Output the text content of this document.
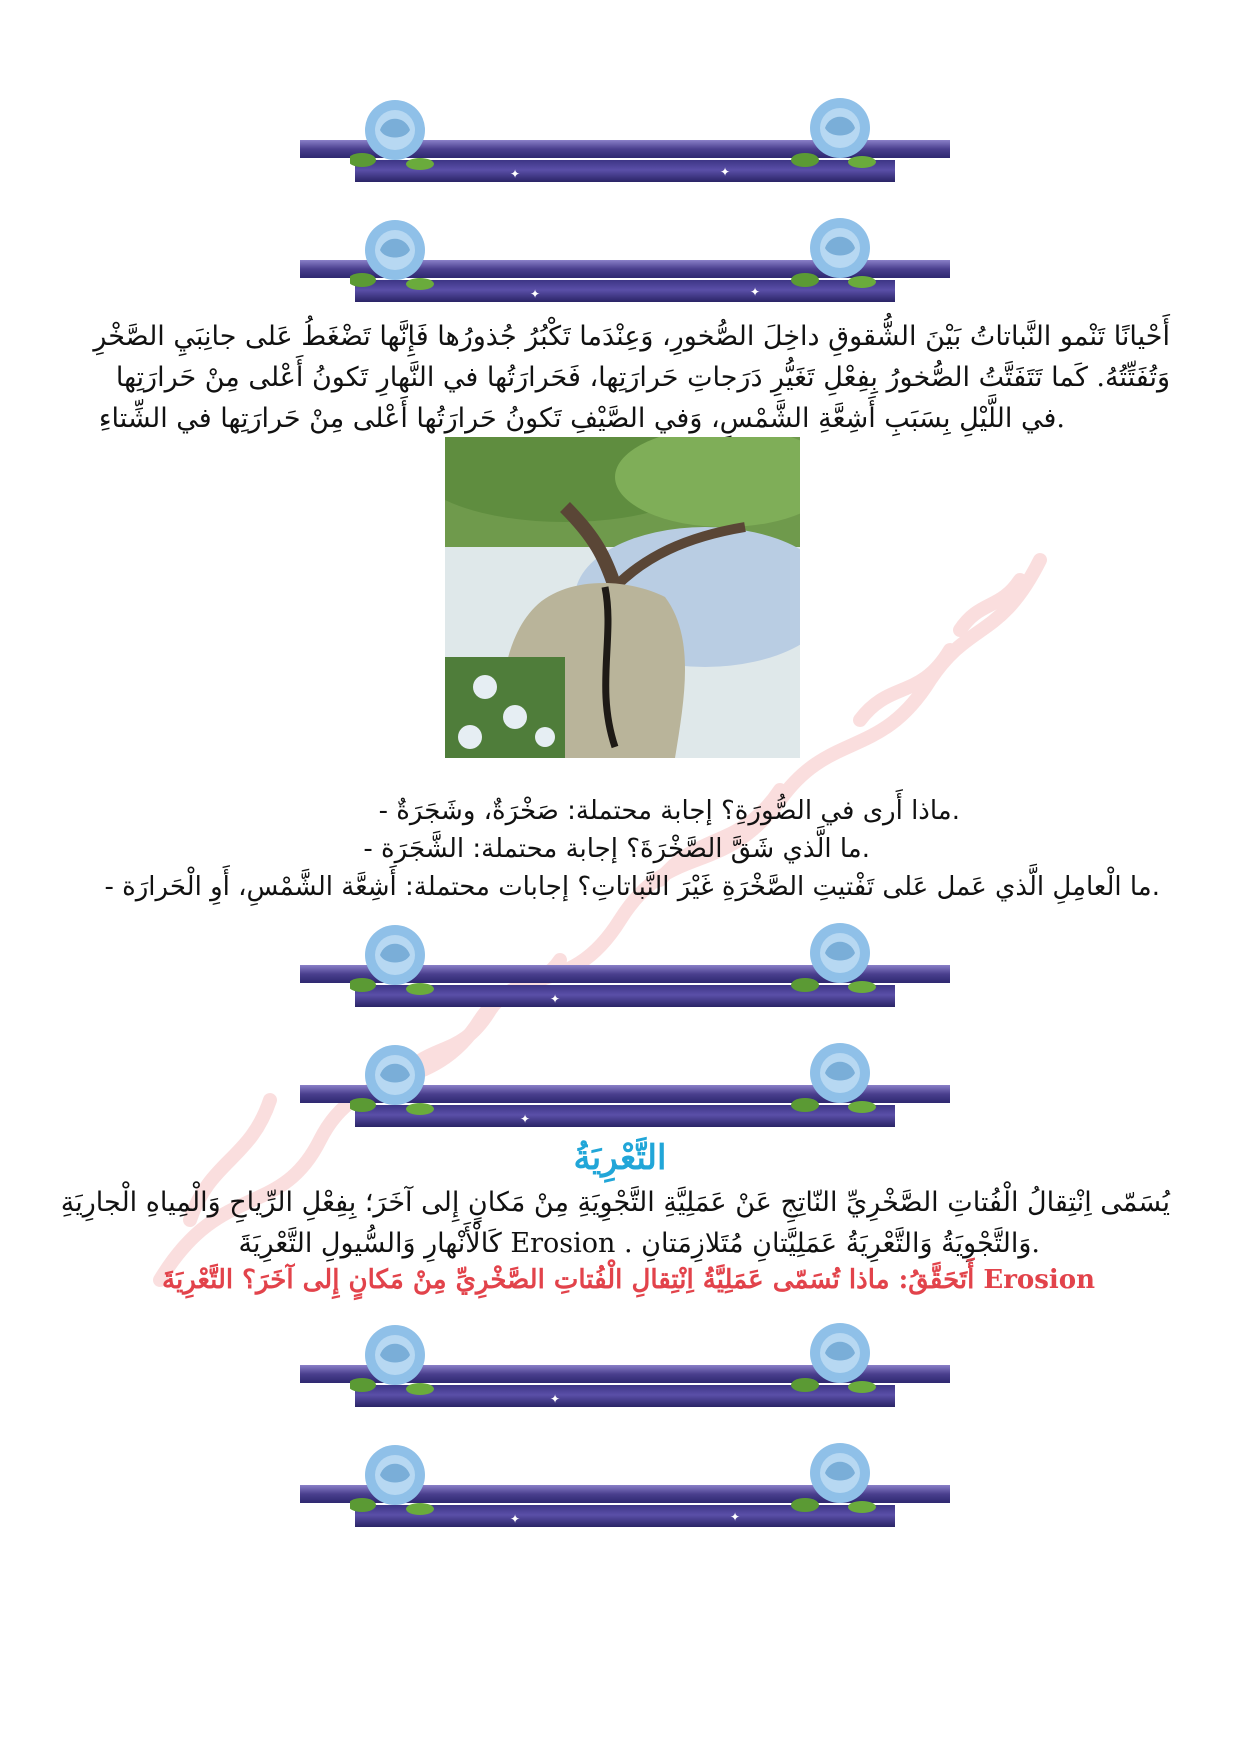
✦	✦
✦	✦
أَحْيانًا تَنْمو النَّباتاتُ بَيْنَ الشُّقوقِ داخِلَ الصُّخورِ، وَعِنْدَما تَكْبُرُ جُذورُها فَإِنَّها تَضْغَطُ عَلى جانِبَيِ الصَّخْرِ
وَتُفَتِّتُهُ. كَما تَتَفَتَّتُ الصُّخورُ بِفِعْلِ تَغَيُّرِ دَرَجاتِ حَرارَتِها، فَحَرارَتُها في النَّهارِ تَكونُ أَعْلى مِنْ حَرارَتِها
.في اللَّيْلِ بِسَبَبِ أَشِعَّةِ الشَّمْسِ، وَفي الصَّيْفِ تَكونُ حَرارَتُها أَعْلى مِنْ حَرارَتِها في الشِّتاءِ
.ماذا أَرى في الصُّورَةِ؟ إجابة محتملة: صَخْرَةٌ، وشَجَرَةٌ -
.ما الَّذي شَقَّ الصَّخْرَةَ؟ إجابة محتملة: الشَّجَرَة -
.ما الْعامِلِ الَّذي عَمل عَلى تَفْتيتِ الصَّخْرَةِ غَيْرَ النَّباتاتِ؟ إجابات محتملة: أَشِعَّة الشَّمْسِ، أَوِ الْحَرارَة -
✦
✦
التَّعْرِيَةُ
يُسَمّى اِنْتِقالُ الْفُتاتِ الصَّخْرِيِّ النّاتِجِ عَنْ عَمَلِيَّةِ التَّجْوِيَةِ مِنْ مَكانٍ إِلى آخَرَ؛ بِفِعْلِ الرِّياحِ وَالْمِياهِ الْجارِيَةِ
.وَالتَّجْوِيَةُ وَالتَّعْرِيَةُ عَمَلِيَّتانِ مُتَلازِمَتانِ . Erosion كَالْأَنْهارِ وَالسُّيولِ التَّعْرِيَةَ
Erosion أَتَحَقَّقُ: ماذا تُسَمّى عَمَلِيَّةُ اِنْتِقالِ الْفُتاتِ الصَّخْرِيِّ مِنْ مَكانٍ إِلى آخَرَ؟ التَّعْرِيَةَ
✦
✦	✦
